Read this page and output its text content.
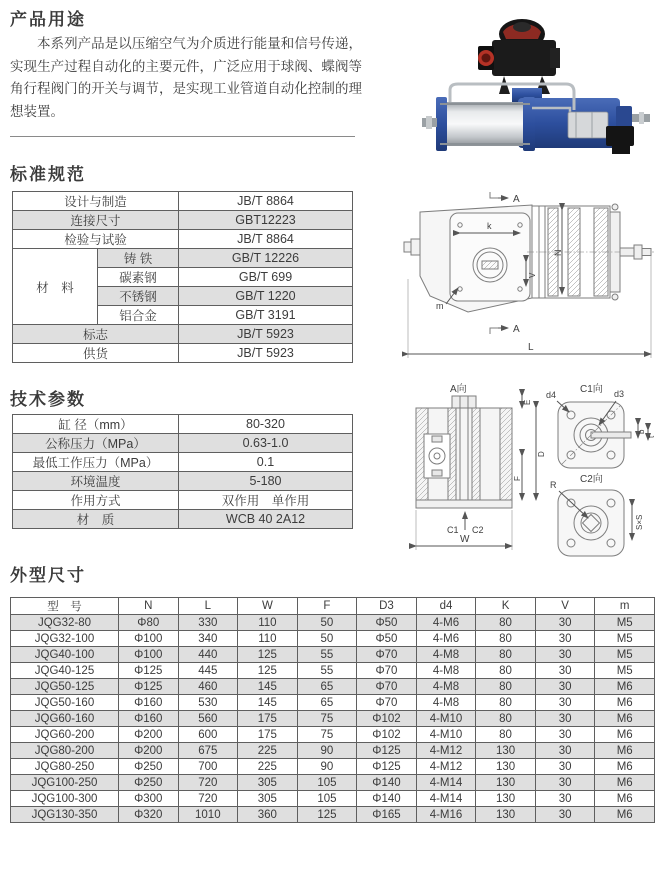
产品用途
本系列产品是以压缩空气为介质进行能量和信号传递，实现生产过程自动化的主要元件，广泛应用于球阀、蝶阀等角行程阀门的开关与调节，是实现工业管道自动化控制的理想装置。
标准规范
设计与制造		JB/T 8864
连接尺寸		GBT12223
检验与试验		JB/T 8864
材　料	铸 铁	GB/T 12226
	碳素钢	GB/T 699
	不锈钢	GB/T 1220
	铝合金	GB/T 3191
标志		JB/T 5923
供货		JB/T 5923
A
k
V
m
N
A
L
技术参数
缸 径（mm）	80-320
公称压力（MPa）	0.63-1.0
最低工作压力（MPa）	0.1
环境温度	5-180
作用方式	双作用　单作用
材　质	WCB 40 2A12
A向
E
D
F
C1 C2
W
C1向
d4	d3
b
t
C2向
R
S×S
外型尺寸
型　号	N	L	W	F	D3	d4	K	V	m
JQG32-80	Φ80	330	110	50	Φ50	4-M6	80	30	M5
JQG32-100	Φ100	340	110	50	Φ50	4-M6	80	30	M5
JQG40-100	Φ100	440	125	55	Φ70	4-M8	80	30	M5
JQG40-125	Φ125	445	125	55	Φ70	4-M8	80	30	M5
JQG50-125	Φ125	460	145	65	Φ70	4-M8	80	30	M6
JQG50-160	Φ160	530	145	65	Φ70	4-M8	80	30	M6
JQG60-160	Φ160	560	175	75	Φ102	4-M10	80	30	M6
JQG60-200	Φ200	600	175	75	Φ102	4-M10	80	30	M6
JQG80-200	Φ200	675	225	90	Φ125	4-M12	130	30	M6
JQG80-250	Φ250	700	225	90	Φ125	4-M12	130	30	M6
JQG100-250	Φ250	720	305	105	Φ140	4-M14	130	30	M6
JQG100-300	Φ300	720	305	105	Φ140	4-M14	130	30	M6
JQG130-350	Φ320	1010	360	125	Φ165	4-M16	130	30	M6
